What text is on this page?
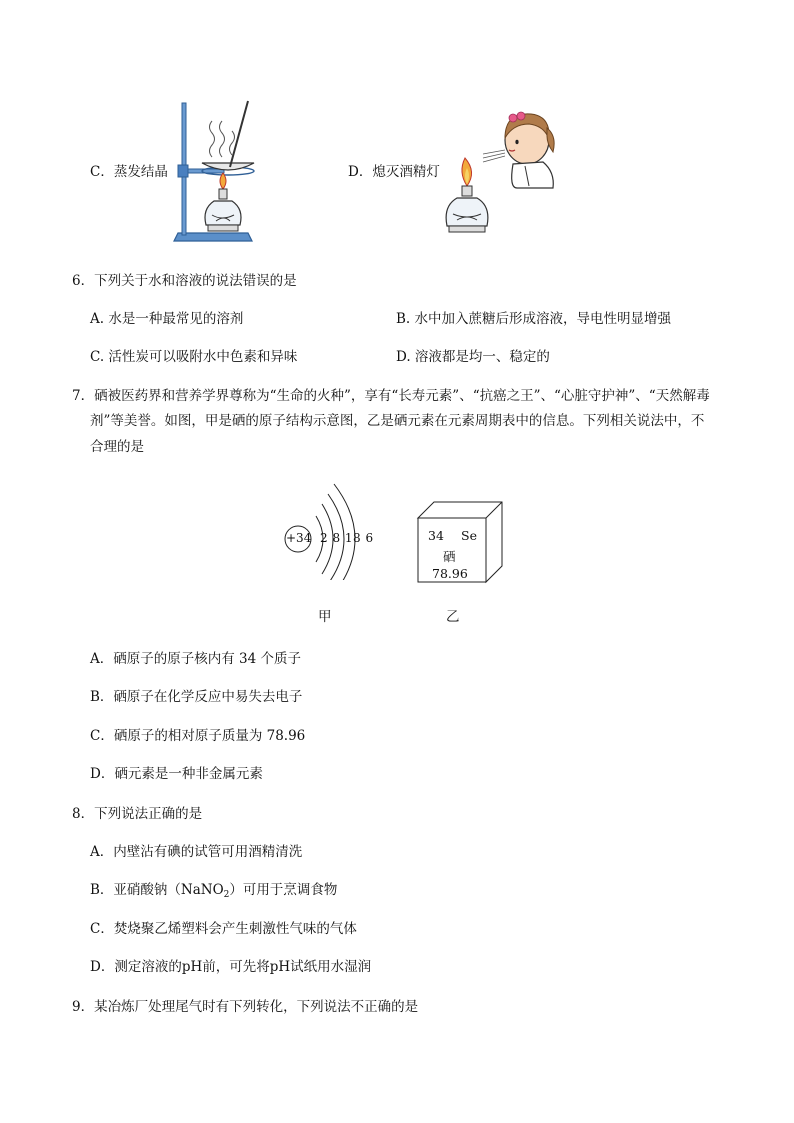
C．蒸发结晶	D．熄灭酒精灯
6．下列关于水和溶液的说法错误的是
A. 水是一种最常见的溶剂	B. 水中加入蔗糖后形成溶液，导电性明显增强
C. 活性炭可以吸附水中色素和异味	D. 溶液都是均一、稳定的
7．硒被医药界和营养学界尊称为“生命的火种”，享有“长寿元素”、“抗癌之王”、“心脏守护神”、“天然解毒
剂”等美誉。如图，甲是硒的原子结构示意图，乙是硒元素在元素周期表中的信息。下列相关说法中，不
合理的是
+34 2 8 18 6
甲
34 Se
硒
78.96
乙
A．硒原子的原子核内有 34 个质子
B．硒原子在化学反应中易失去电子
C．硒原子的相对原子质量为 78.96
D．硒元素是一种非金属元素
8．下列说法正确的是
A．内壁沾有碘的试管可用酒精清洗
B．亚硝酸钠（NaNO$_2$）可用于烹调食物
C．焚烧聚乙烯塑料会产生刺激性气味的气体
D．测定溶液的pH前，可先将pH试纸用水湿润
9．某冶炼厂处理尾气时有下列转化，下列说法不正确的是
